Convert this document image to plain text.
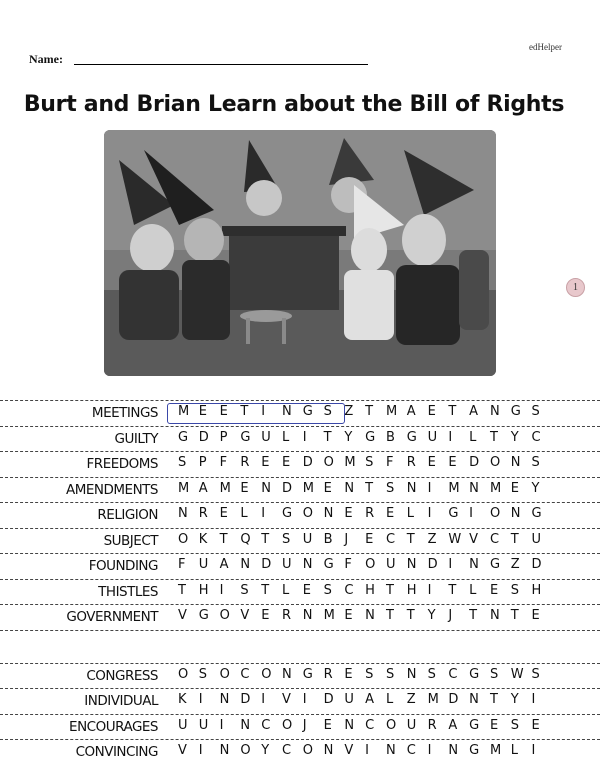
edHelper
Name:
Burt and Brian Learn about the Bill of Rights
1
MEETINGS M E E T I N G S Z T M A E T A N G S
GUILTY G D P G U L I T Y G B G U I L T Y C
FREEDOMS S P F R E E D O M S F R E E D O N S
AMENDMENTS M A M E N D M E N T S N I M N M E Y
RELIGION N R E L I G O N E R E L I G I O N G
SUBJECT O K T Q T S U B J E C T Z W V C T U
FOUNDING F U A N D U N G F O U N D I N G Z D
THISTLES T H I S T L E S C H T H I T L E S H
GOVERNMENT V G O V E R N M E N T T Y J T N T E
CONGRESS O S O C O N G R E S S N S C G S W S
INDIVIDUAL K I N D I V I D U A L Z M D N T Y I
ENCOURAGES U U I N C O J E N C O U R A G E S E
CONVINCING V I N O Y C O N V I N C I N G M L I
